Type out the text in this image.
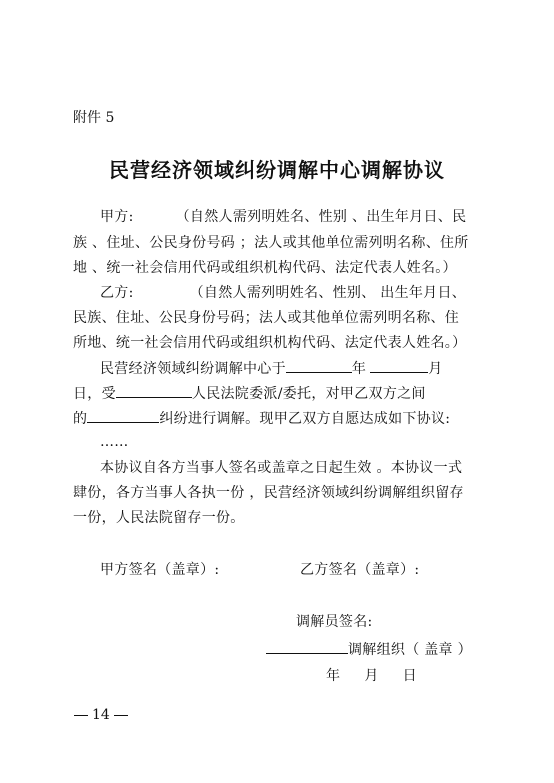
附件 5
民营经济领域纠纷调解中心调解协议
甲方:	（自然人需列明姓名、性别 、出生年月日、民
族 、住址、公民身份号码 ；法人或其他单位需列明名称、住所
地 、统一社会信用代码或组织机构代码、法定代表人姓名。）
乙方:	（自然人需列明姓名、性别、 出生年月日、
民族、住址、公民身份号码；法人或其他单位需列明名称、住
所地、统一社会信用代码或组织机构代码、法定代表人姓名。）
民营经济领域纠纷调解中心于	年	月
日，受	人民法院委派/委托，对甲乙双方之间
的	纠纷进行调解。现甲乙双方自愿达成如下协议:
……
本协议自各方当事人签名或盖章之日起生效 。本协议一式
肆份，各方当事人各执一份 ，民营经济领域纠纷调解组织留存
一份，人民法院留存一份。
甲方签名（盖章）:	乙方签名（盖章）:
调解员签名:
调解组织（ 盖章 ）
年 月 日
14
